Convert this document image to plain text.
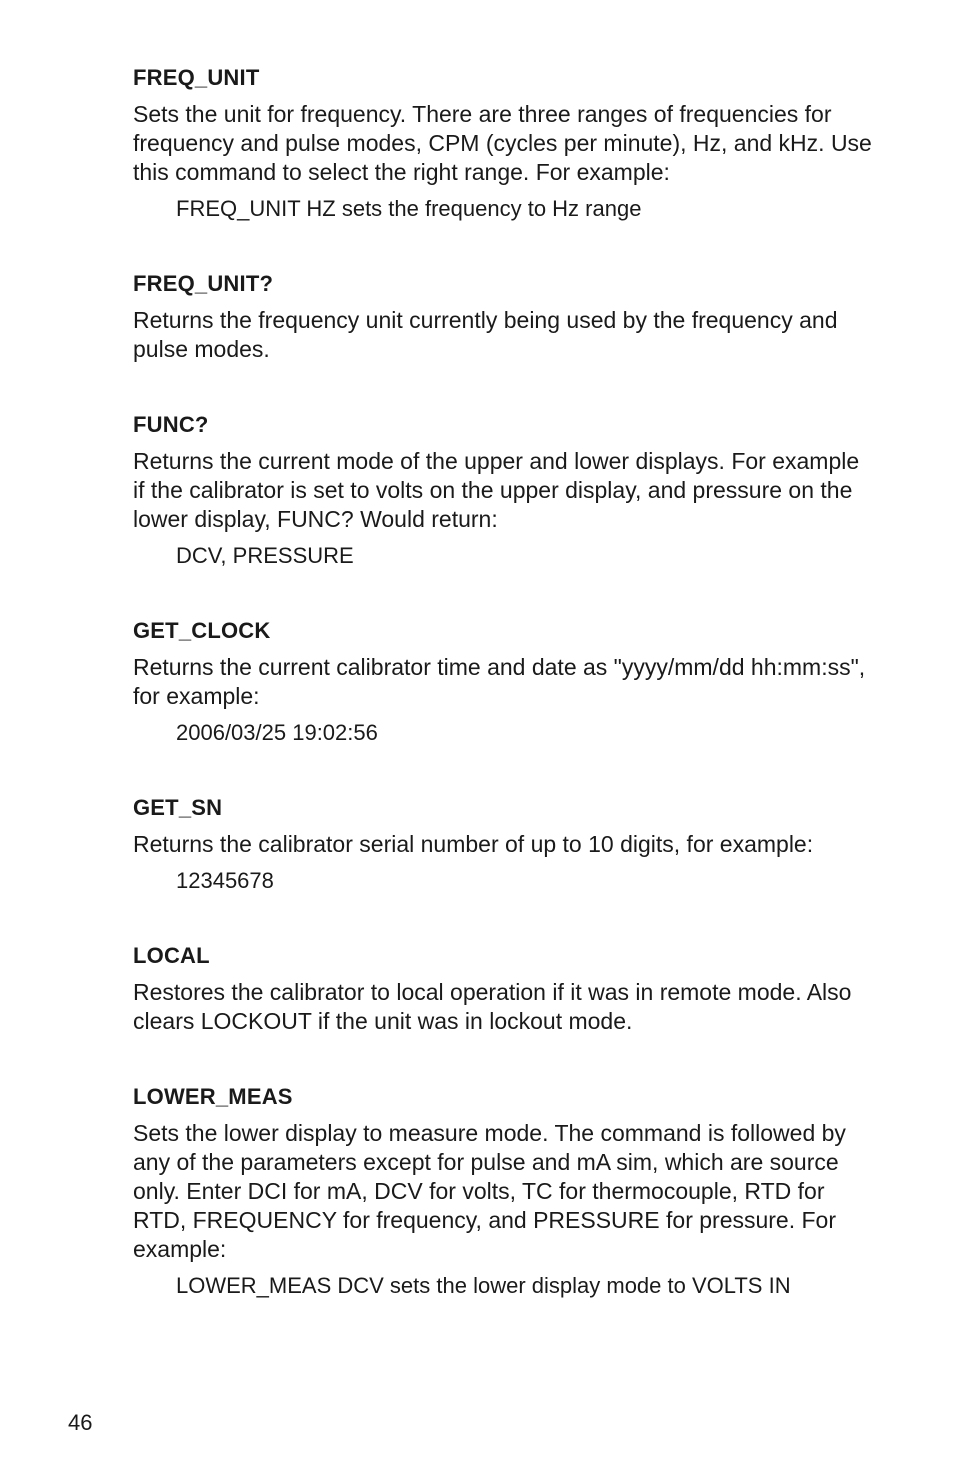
FREQ_UNIT

Sets the unit for frequency. There are three ranges of frequencies for frequency and pulse modes, CPM (cycles per minute), Hz, and kHz. Use this command to select the right range. For example:

FREQ_UNIT HZ sets the frequency to Hz range

FREQ_UNIT?

Returns the frequency unit currently being used by the frequency and pulse modes.

FUNC?

Returns the current mode of the upper and lower displays. For example if the calibrator is set to volts on the upper display, and pressure on the lower display, FUNC? Would return:

DCV, PRESSURE

GET_CLOCK

Returns the current calibrator time and date as "yyyy/mm/dd hh:mm:ss", for example:

2006/03/25 19:02:56

GET_SN

Returns the calibrator serial number of up to 10 digits, for example:

12345678

LOCAL

Restores the calibrator to local operation if it was in remote mode. Also clears LOCKOUT if the unit was in lockout mode.

LOWER_MEAS

Sets the lower display to measure mode. The command is followed by any of the parameters except for pulse and mA sim, which are source only. Enter DCI for mA, DCV for volts, TC for thermocouple, RTD for RTD, FREQUENCY for frequency, and PRESSURE for pressure. For example:

LOWER_MEAS DCV sets the lower display mode to VOLTS IN

46
